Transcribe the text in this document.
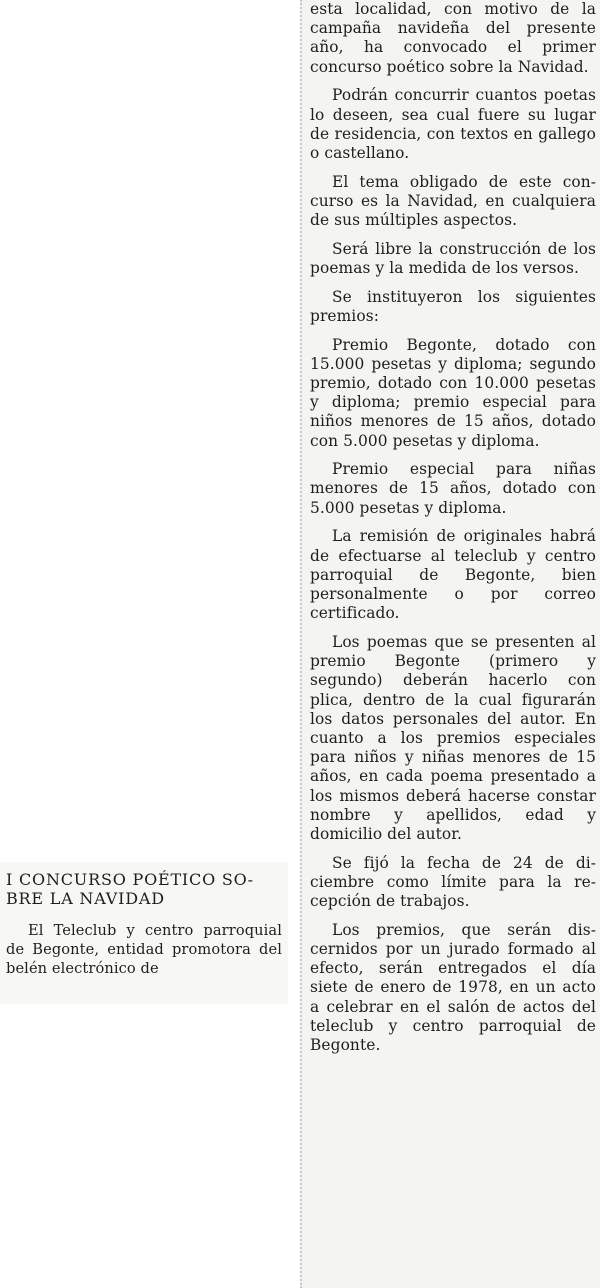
I CONCURSO POÉTICO SOBRE LA NAVIDAD

El Teleclub y centro parroquial de Begonte, entidad promotora del belén electrónico de

esta localidad, con motivo de la campaña navideña del presente año, ha convocado el primer concurso poético sobre la Navidad.

Podrán concurrir cuantos poetas lo deseen, sea cual fuere su lugar de residencia, con textos en gallego o castellano.

El tema obligado de este concurso es la Navidad, en cualquiera de sus múltiples aspectos.

Será libre la construcción de los poemas y la medida de los versos.

Se instituyeron los siguientes premios:

Premio Begonte, dotado con 15.000 pesetas y diploma; segundo premio, dotado con 10.000 pesetas y diploma; premio especial para niños menores de 15 años, dotado con 5.000 pesetas y diploma.

Premio especial para niñas menores de 15 años, dotado con 5.000 pesetas y diploma.

La remisión de originales habrá de efectuarse al teleclub y centro parroquial de Begonte, bien personalmente o por correo certificado.

Los poemas que se presenten al premio Begonte (primero y segundo) deberán hacerlo con plica, dentro de la cual figurarán los datos personales del autor. En cuanto a los premios especiales para niños y niñas menores de 15 años, en cada poema presentado a los mismos deberá hacerse constar nombre y apellidos, edad y domicilio del autor.

Se fijó la fecha de 24 de diciembre como límite para la recepción de trabajos.

Los premios, que serán discernidos por un jurado formado al efecto, serán entregados el día siete de enero de 1978, en un acto a celebrar en el salón de actos del teleclub y centro parroquial de Begonte.
